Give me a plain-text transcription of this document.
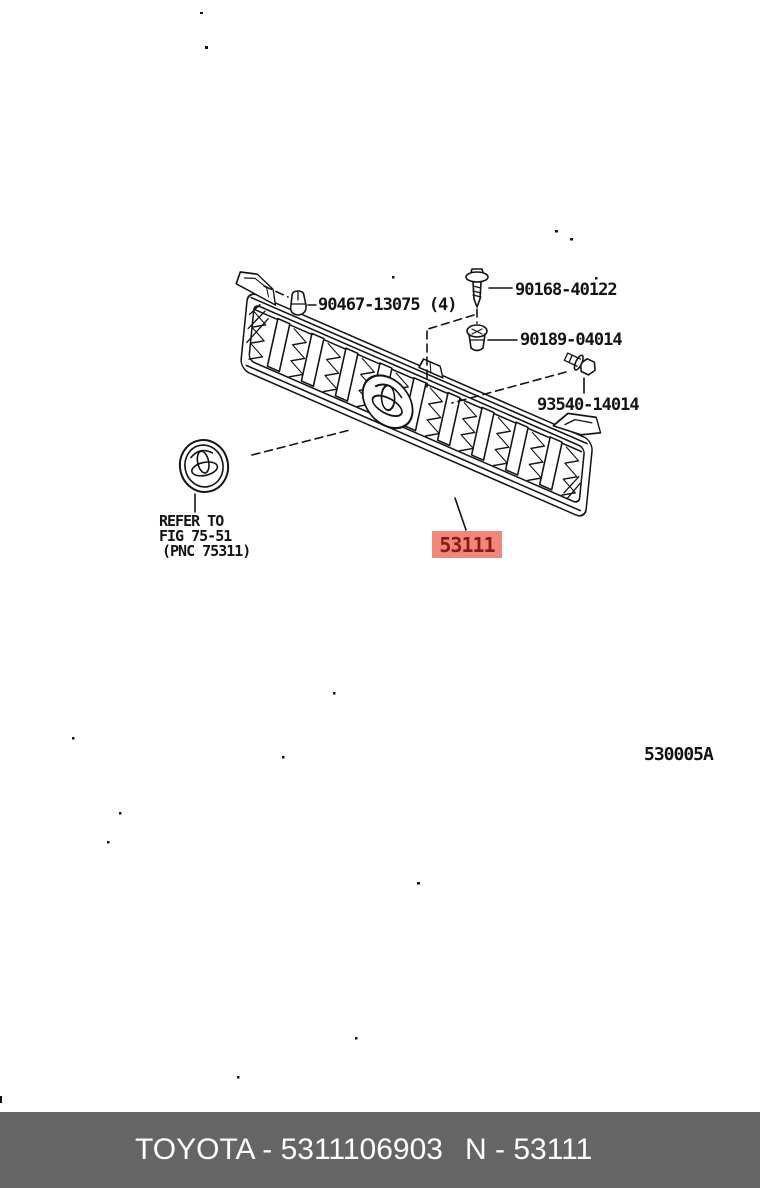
90467-13075 (4)
90168-40122
90189-04014
93540-14014
REFER TO
FIG 75-51
(PNC 75311)	53111
530005A
TOYOTA - 5311106903 N - 53111
